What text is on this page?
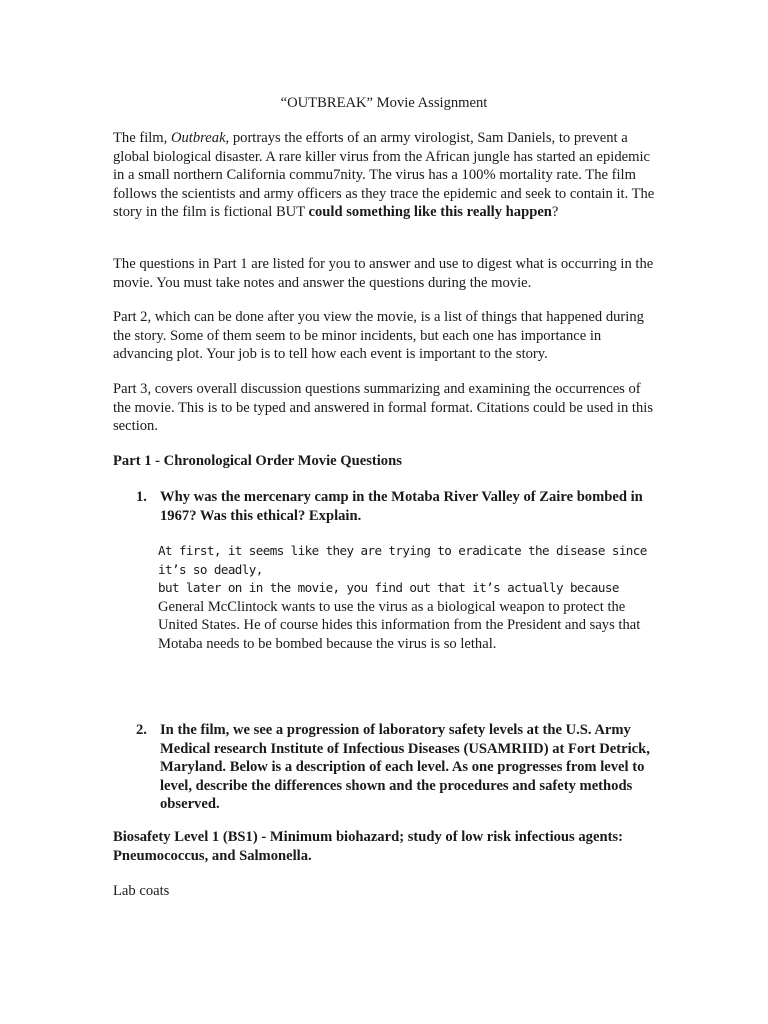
“OUTBREAK” Movie Assignment

The film, Outbreak, portrays the efforts of an army virologist, Sam Daniels, to prevent a global biological disaster. A rare killer virus from the African jungle has started an epidemic in a small northern California commu7nity. The virus has a 100% mortality rate. The film follows the scientists and army officers as they trace the epidemic and seek to contain it. The story in the film is fictional BUT could something like this really happen?

The questions in Part 1 are listed for you to answer and use to digest what is occurring in the movie. You must take notes and answer the questions during the movie.

Part 2, which can be done after you view the movie, is a list of things that happened during the story. Some of them seem to be minor incidents, but each one has importance in advancing plot. Your job is to tell how each event is important to the story.

Part 3, covers overall discussion questions summarizing and examining the occurrences of the movie. This is to be typed and answered in formal format. Citations could be used in this section.

Part 1 - Chronological Order Movie Questions

1. Why was the mercenary camp in the Motaba River Valley of Zaire bombed in 1967? Was this ethical? Explain.

At first, it seems like they are trying to eradicate the disease since it’s so deadly,
but later on in the movie, you find out that it’s actually because General McClintock wants to use the virus as a biological weapon to protect the United States. He of course hides this information from the President and says that Motaba needs to be bombed because the virus is so lethal.

2. In the film, we see a progression of laboratory safety levels at the U.S. Army Medical research Institute of Infectious Diseases (USAMRIID) at Fort Detrick, Maryland. Below is a description of each level. As one progresses from level to level, describe the differences shown and the procedures and safety methods observed.

Biosafety Level 1 (BS1) - Minimum biohazard; study of low risk infectious agents: Pneumococcus, and Salmonella.

Lab coats
